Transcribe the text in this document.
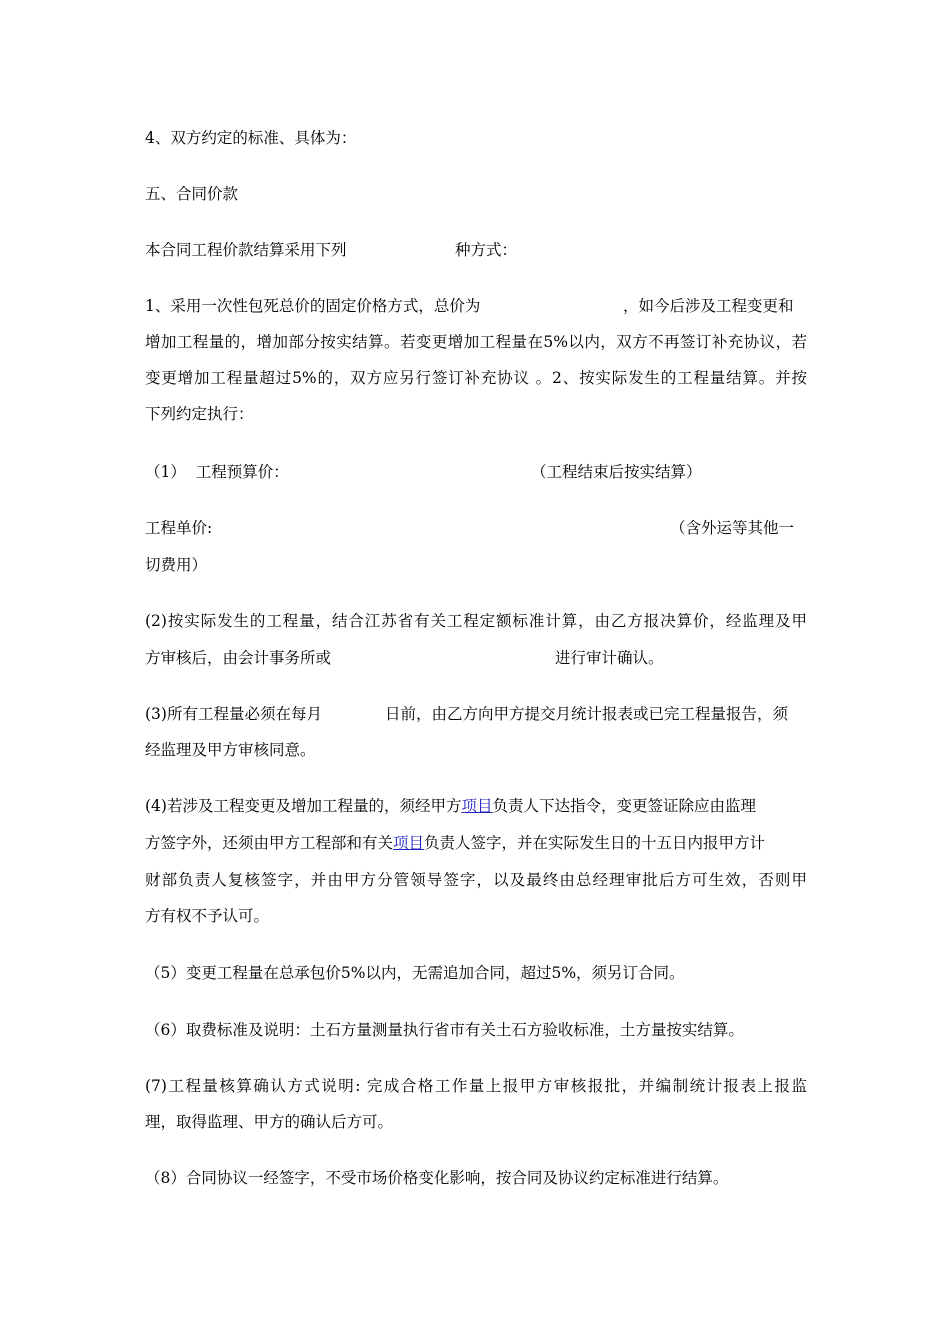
4、双方约定的标准、具体为：
五、合同价款
本合同工程价款结算采用下列	种方式：
1、采用一次性包死总价的固定价格方式，总价为	，如今后涉及工程变更和
增加工程量的，增加部分按实结算。若变更增加工程量在5%以内，双方不再签订补充协议，若
变更增加工程量超过5%的，双方应另行签订补充协议 。2、按实际发生的工程量结算。并按
下列约定执行：
（1）  工程预算价：	（工程结束后按实结算）
工程单价:	（含外运等其他一
切费用）
(2)按实际发生的工程量，结合江苏省有关工程定额标准计算，由乙方报决算价，经监理及甲
方审核后，由会计事务所或	进行审计确认。
(3)所有工程量必须在每月	日前，由乙方向甲方提交月统计报表或已完工程量报告，须
经监理及甲方审核同意。
(4)若涉及工程变更及增加工程量的，须经甲方项目负责人下达指令，变更签证除应由监理
方签字外，还须由甲方工程部和有关项目负责人签字，并在实际发生日的十五日内报甲方计
财部负责人复核签字，并由甲方分管领导签字，以及最终由总经理审批后方可生效，否则甲
方有权不予认可。
（5）变更工程量在总承包价5%以内，无需追加合同，超过5%，须另订合同。
（6）取费标准及说明：土石方量测量执行省市有关土石方验收标准，土方量按实结算。
(7)工程量核算确认方式说明: 完成合格工作量上报甲方审核报批，并编制统计报表上报监
理，取得监理、甲方的确认后方可。
（8）合同协议一经签字，不受市场价格变化影响，按合同及协议约定标准进行结算。
